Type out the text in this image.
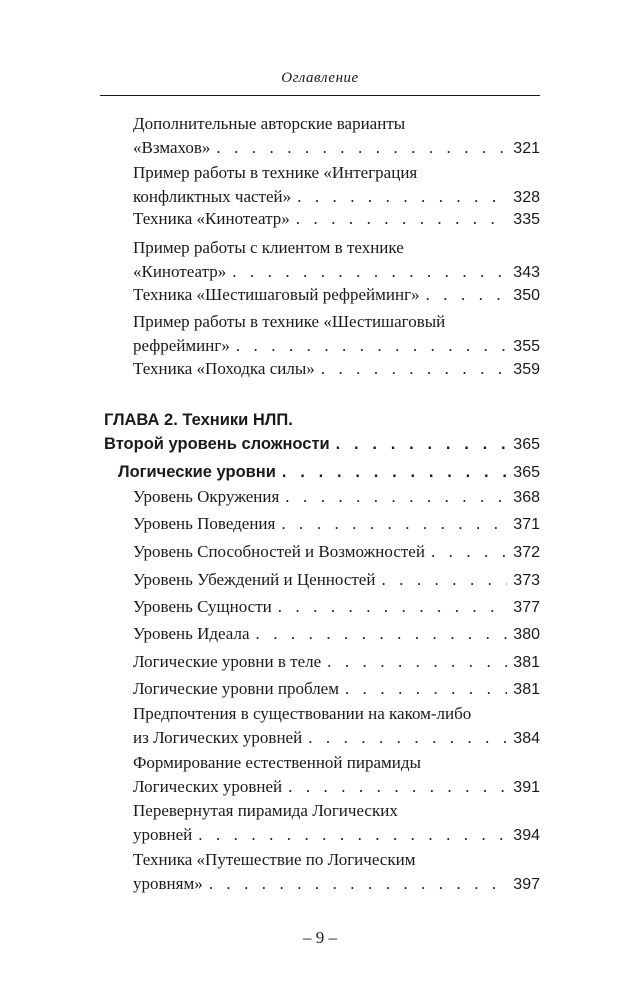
Оглавление
Дополнительные авторские варианты
«Взмахов» . . .	321
Пример работы в технике «Интеграция
конфликтных частей» . . .	328
Техника «Кинотеатр» . . .	335
Пример работы с клиентом в технике
«Кинотеатр» . . .	343
Техника «Шестишаговый рефрейминг» . . .	350
Пример работы в технике «Шестишаговый
рефрейминг» . . .	355
Техника «Походка силы» . . .	359
ГЛАВА 2. Техники НЛП.
Второй уровень сложности . . .	365
Логические уровни . . .	365
Уровень Окружения . . .	368
Уровень Поведения . . .	371
Уровень Способностей и Возможностей . . .	372
Уровень Убеждений и Ценностей . . .	373
Уровень Сущности . . .	377
Уровень Идеала . . .	380
Логические уровни в теле . . .	381
Логические уровни проблем . . .	381
Предпочтения в существовании на каком-либо
из Логических уровней . . .	384
Формирование естественной пирамиды
Логических уровней . . .	391
Перевернутая пирамида Логических
уровней . . .	394
Техника «Путешествие по Логическим
уровням» . . .	397
– 9 –
